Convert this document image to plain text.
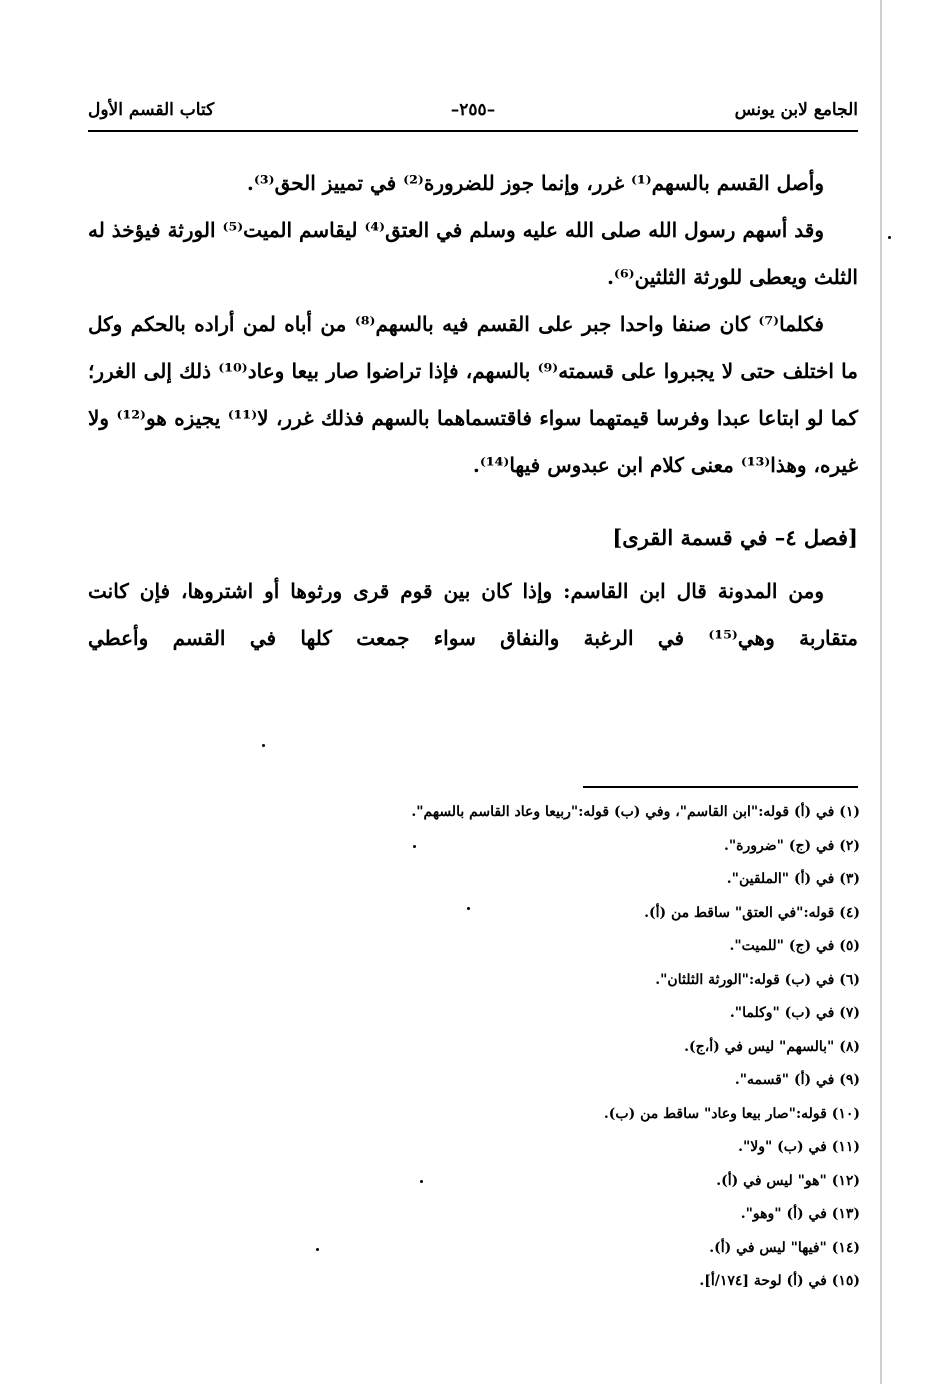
الجامع لابن يونس
–٢٥٥–
كتاب القسم الأول

وأصل القسم بالسهم⁽¹⁾ غرر، وإنما جوز للضرورة⁽²⁾ في تمييز الحق⁽³⁾.

وقد أسهم رسول الله صلى الله عليه وسلم في العتق⁽⁴⁾ ليقاسم الميت⁽⁵⁾ الورثة فيؤخذ له الثلث ويعطى للورثة الثلثين⁽⁶⁾.

فكلما⁽⁷⁾ كان صنفا واحدا جبر على القسم فيه بالسهم⁽⁸⁾ من أباه لمن أراده بالحكم وكل ما اختلف حتى لا يجبروا على قسمته⁽⁹⁾ بالسهم، فإذا تراضوا صار بيعا وعاد⁽¹⁰⁾ ذلك إلى الغرر؛ كما لو ابتاعا عبدا وفرسا قيمتهما سواء فاقتسماهما بالسهم فذلك غرر، لا⁽¹¹⁾ يجيزه هو⁽¹²⁾ ولا غيره، وهذا⁽¹³⁾ معنى كلام ابن عبدوس فيها⁽¹⁴⁾.

[فصل ٤– في قسمة القرى]

ومن المدونة قال ابن القاسم: وإذا كان بين قوم قرى ورثوها أو اشتروها، فإن كانت متقاربة وهي⁽¹⁵⁾ في الرغبة والنفاق سواء جمعت كلها في القسم وأعطي

(١) في (أ) قوله:"ابن القاسم"، وفي (ب) قوله:"ربيعا وعاد القاسم بالسهم".
(٢) في (ج) "ضرورة".
(٣) في (أ) "الملقين".
(٤) قوله:"في العتق" ساقط من (أ).
(٥) في (ج) "للميت".
(٦) في (ب) قوله:"الورثة الثلثان".
(٧) في (ب) "وكلما".
(٨) "بالسهم" ليس في (أ،ج).
(٩) في (أ) "قسمه".
(١٠) قوله:"صار بيعا وعاد" ساقط من (ب).
(١١) في (ب) "ولا".
(١٢) "هو" ليس في (أ).
(١٣) في (أ) "وهو".
(١٤) "فيها" ليس في (أ).
(١٥) في (أ) لوحة [١٧٤/أ].
